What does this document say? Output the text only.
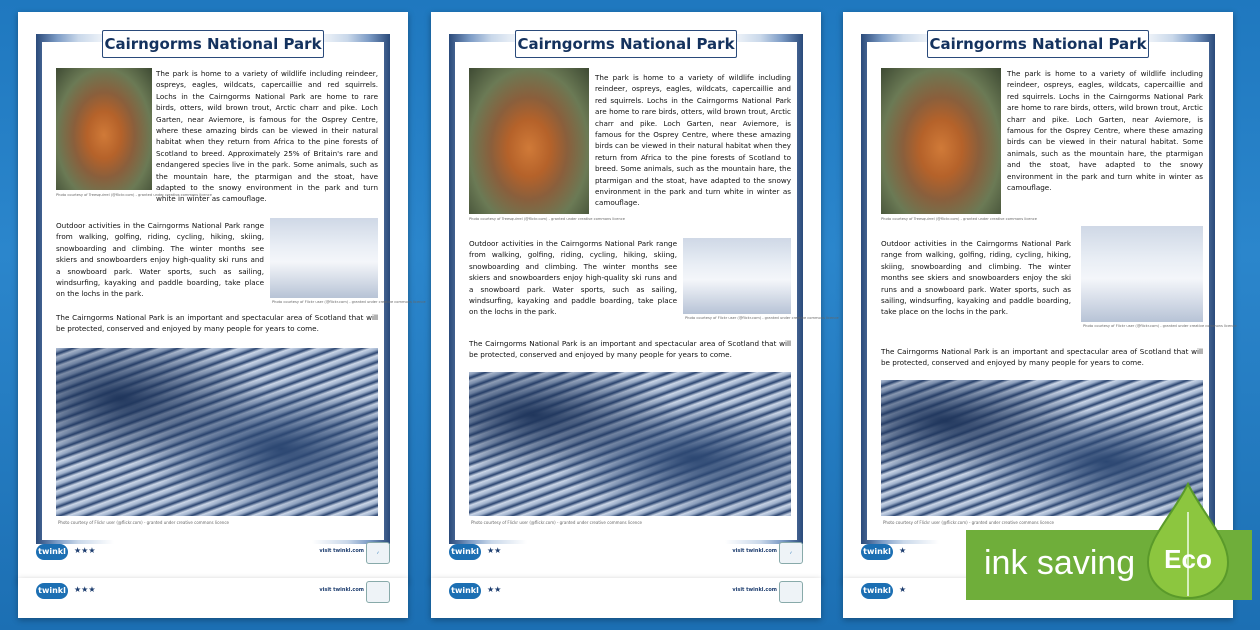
Cairngorms National Park
Photo courtesy of Treesquirrel (@flickr.com) - granted under creative commons licence

The park is home to a variety of wildlife including reindeer, ospreys, eagles, wildcats, capercaillie and red squirrels. Lochs in the Cairngorms National Park are home to rare birds, otters, wild brown trout, Arctic charr and pike. Loch Garten, near Aviemore, is famous for the Osprey Centre, where these amazing birds can be viewed in their natural habitat when they return from Africa to the pine forests of Scotland to breed. Approximately 25% of Britain's rare and endangered species live in the park. Some animals, such as the mountain hare, the ptarmigan and the stoat, have adapted to the snowy environment in the park and turn white in winter as camouflage.

Outdoor activities in the Cairngorms National Park range from walking, golfing, riding, cycling, hiking, skiing, snowboarding and climbing. The winter months see skiers and snowboarders enjoy high-quality ski runs and a snowboard park. Water sports, such as sailing, windsurfing, kayaking and paddle boarding, take place on the lochs in the park.

Photo courtesy of Flickr user (@flickr.com) - granted under creative commons licence

The Cairngorms National Park is an important and spectacular area of Scotland that will be protected, conserved and enjoyed by many people for years to come.

Photo courtesy of Flickr user (@flickr.com) - granted under creative commons licence
twinkl ★★★	visit twinkl.com	✓
twinkl ★★★	visit twinkl.com
Cairngorms National Park
Photo courtesy of Treesquirrel (@flickr.com) - granted under creative commons licence

The park is home to a variety of wildlife including reindeer, ospreys, eagles, wildcats, capercaillie and red squirrels. Lochs in the Cairngorms National Park are home to rare birds, otters, wild brown trout, Arctic charr and pike. Loch Garten, near Aviemore, is famous for the Osprey Centre, where these amazing birds can be viewed in their natural habitat when they return from Africa to the pine forests of Scotland to breed. Some animals, such as the mountain hare, the ptarmigan and the stoat, have adapted to the snowy environment in the park and turn white in winter as camouflage.

Outdoor activities in the Cairngorms National Park range from walking, golfing, riding, cycling, hiking, skiing, snowboarding and climbing. The winter months see skiers and snowboarders enjoy high-quality ski runs and a snowboard park. Water sports, such as sailing, windsurfing, kayaking and paddle boarding, take place on the lochs in the park.

Photo courtesy of Flickr user (@flickr.com) - granted under creative commons licence

The Cairngorms National Park is an important and spectacular area of Scotland that will be protected, conserved and enjoyed by many people for years to come.

Photo courtesy of Flickr user (@flickr.com) - granted under creative commons licence
twinkl ★★	visit twinkl.com	✓
twinkl ★★	visit twinkl.com
Cairngorms National Park
Photo courtesy of Treesquirrel (@flickr.com) - granted under creative commons licence

The park is home to a variety of wildlife including reindeer, ospreys, eagles, wildcats, capercaillie and red squirrels. Lochs in the Cairngorms National Park are home to rare birds, otters, wild brown trout, Arctic charr and pike. Loch Garten, near Aviemore, is famous for the Osprey Centre, where these amazing birds can be viewed in their natural habitat. Some animals, such as the mountain hare, the ptarmigan and the stoat, have adapted to the snowy environment in the park and turn white in winter as camouflage.

Outdoor activities in the Cairngorms National Park range from walking, golfing, riding, cycling, hiking, skiing, snowboarding and climbing. The winter months see skiers and snowboarders enjoy the ski runs and a snowboard park. Water sports, such as sailing, windsurfing, kayaking and paddle boarding, take place on the lochs in the park.

Photo courtesy of Flickr user (@flickr.com) - granted under creative commons licence

The Cairngorms National Park is an important and spectacular area of Scotland that will be protected, conserved and enjoyed by many people for years to come.

Photo courtesy of Flickr user (@flickr.com) - granted under creative commons licence
twinkl ★
twinkl ★
ink saving Eco
